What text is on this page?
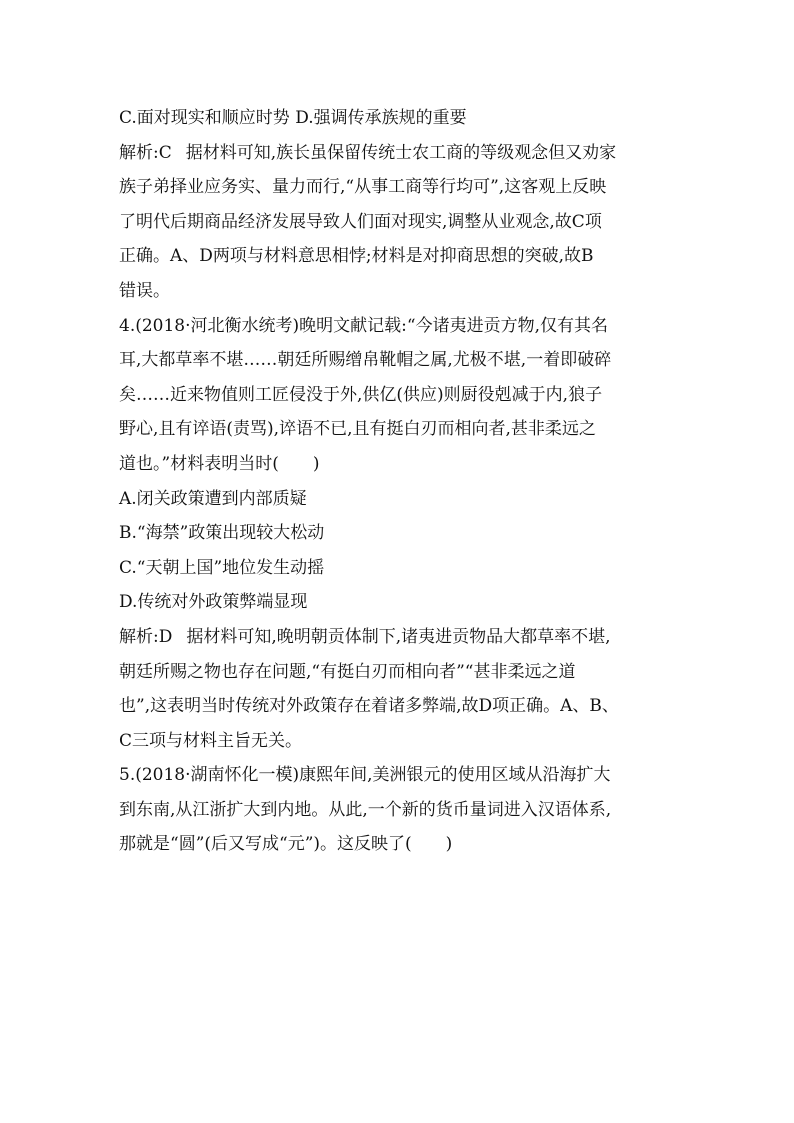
C.面对现实和顺应时势 D.强调传承族规的重要
解析:C 据材料可知,族长虽保留传统士农工商的等级观念但又劝家
族子弟择业应务实、量力而行,“从事工商等行均可”,这客观上反映
了明代后期商品经济发展导致人们面对现实,调整从业观念,故C项
正确。A、D两项与材料意思相悖;材料是对抑商思想的突破,故B
错误。
4.(2018·河北衡水统考)晚明文献记载:“今诸夷进贡方物,仅有其名
耳,大都草率不堪……朝廷所赐缯帛靴帽之属,尤极不堪,一着即破碎
矣……近来物值则工匠侵没于外,供亿(供应)则厨役剋减于内,狼子
野心,且有谇语(责骂),谇语不已,且有挺白刃而相向者,甚非柔远之
道也。”材料表明当时(　　)
A.闭关政策遭到内部质疑
B.“海禁”政策出现较大松动
C.“天朝上国”地位发生动摇
D.传统对外政策弊端显现
解析:D 据材料可知,晚明朝贡体制下,诸夷进贡物品大都草率不堪,
朝廷所赐之物也存在问题,“有挺白刃而相向者”“甚非柔远之道
也”,这表明当时传统对外政策存在着诸多弊端,故D项正确。A、B、
C三项与材料主旨无关。
5.(2018·湖南怀化一模)康熙年间,美洲银元的使用区域从沿海扩大
到东南,从江浙扩大到内地。从此,一个新的货币量词进入汉语体系,
那就是“圆”(后又写成“元”)。这反映了(　　)
